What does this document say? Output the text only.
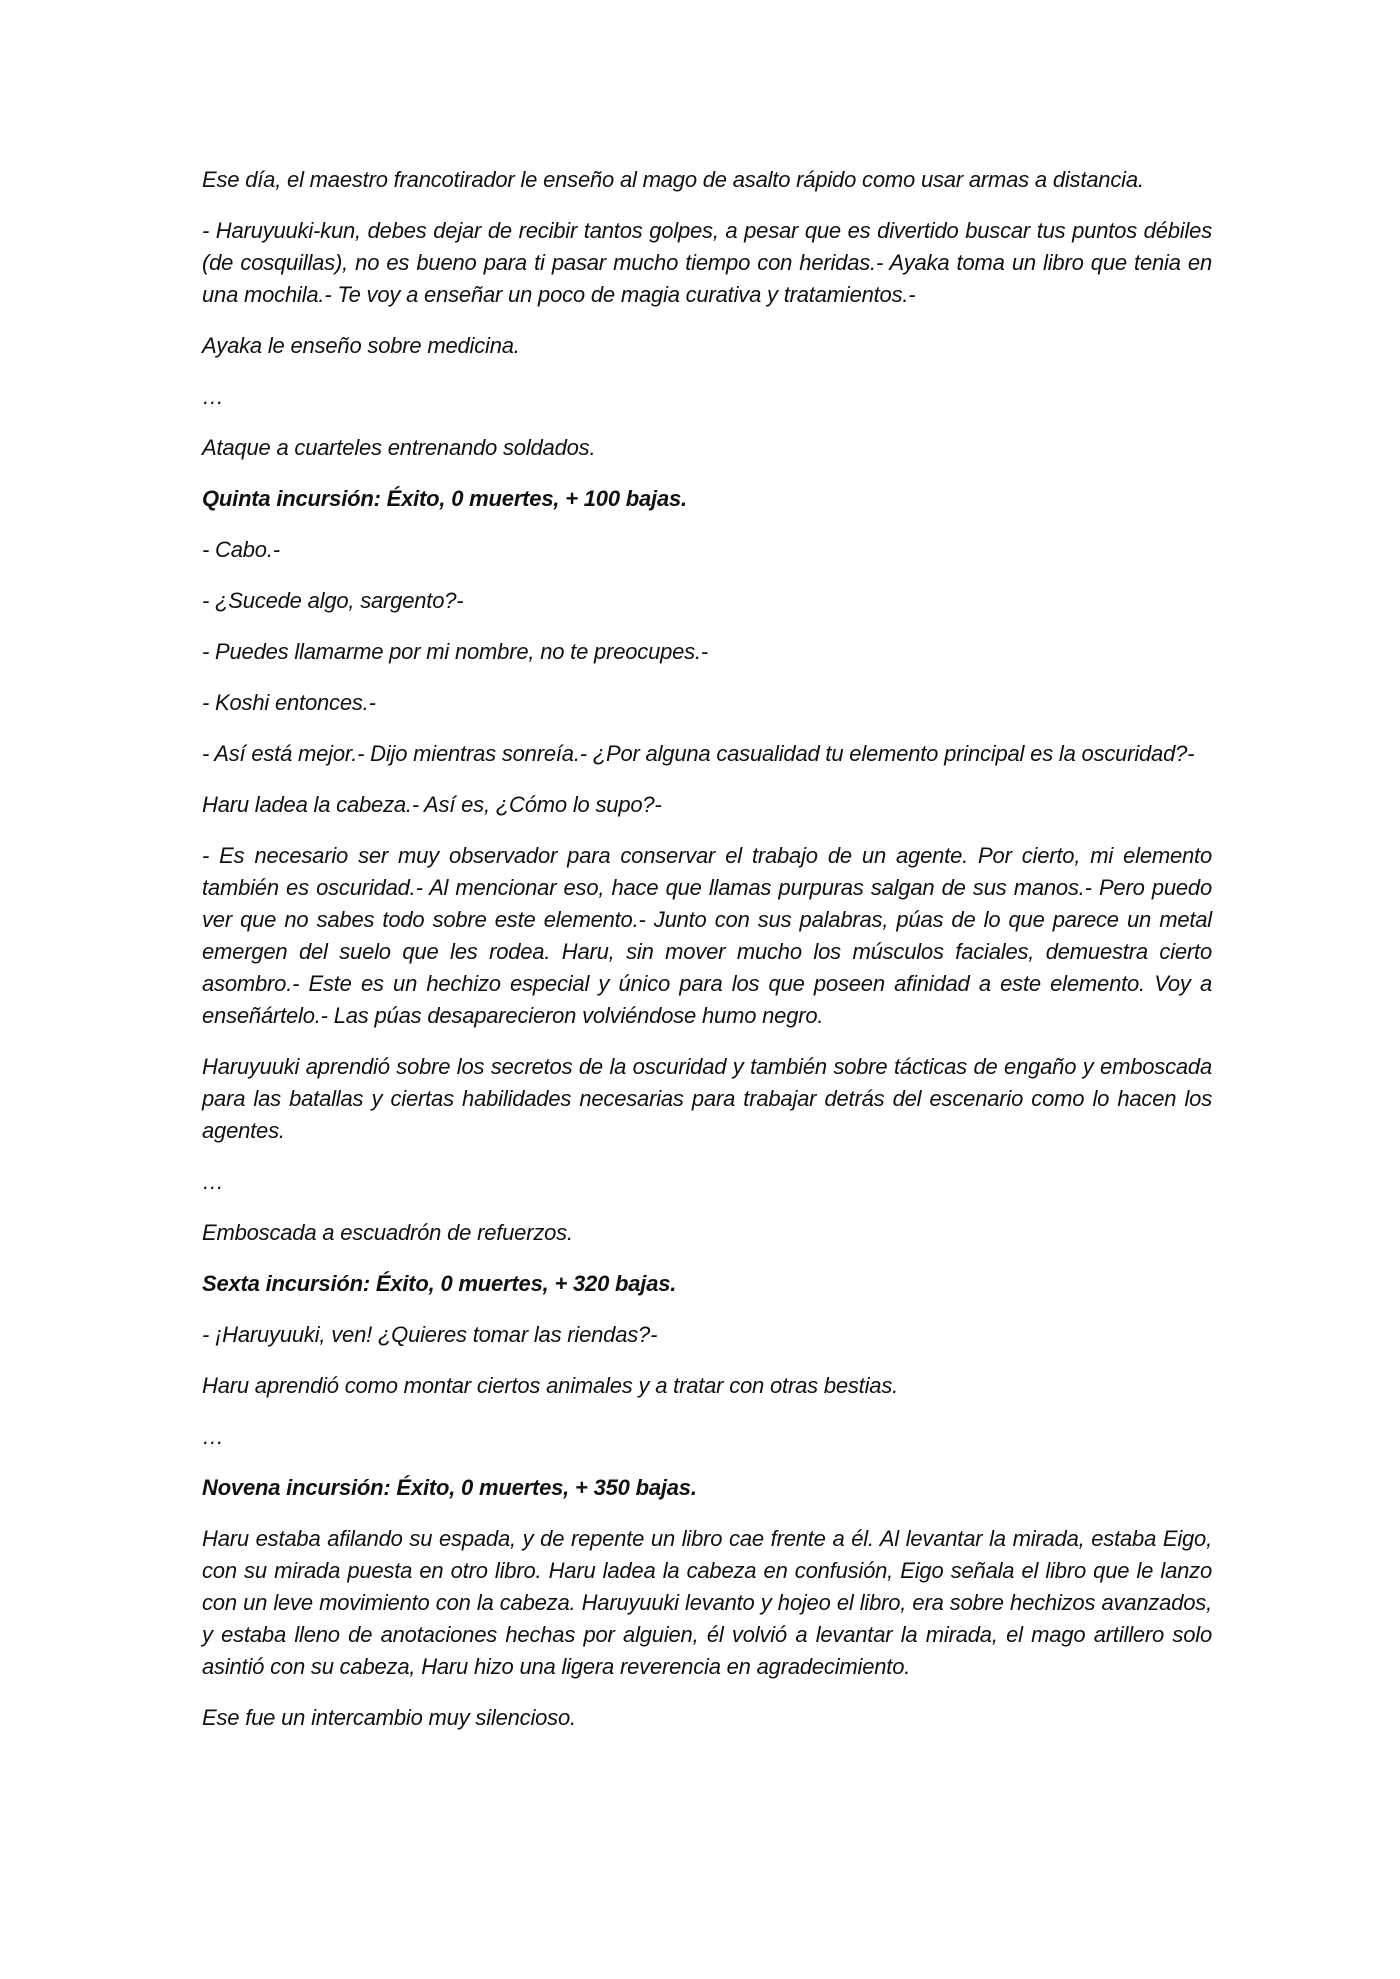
Ese día, el maestro francotirador le enseño al mago de asalto rápido como usar armas a distancia.

- Haruyuuki-kun, debes dejar de recibir tantos golpes, a pesar que es divertido buscar tus puntos débiles (de cosquillas), no es bueno para ti pasar mucho tiempo con heridas.- Ayaka toma un libro que tenia en una mochila.- Te voy a enseñar un poco de magia curativa y tratamientos.-

Ayaka le enseño sobre medicina.

…

Ataque a cuarteles entrenando soldados.

Quinta incursión: Éxito, 0 muertes, + 100 bajas.

- Cabo.-

- ¿Sucede algo, sargento?-

- Puedes llamarme por mi nombre, no te preocupes.-

- Koshi entonces.-

- Así está mejor.- Dijo mientras sonreía.- ¿Por alguna casualidad tu elemento principal es la oscuridad?-

Haru ladea la cabeza.- Así es, ¿Cómo lo supo?-

- Es necesario ser muy observador para conservar el trabajo de un agente. Por cierto, mi elemento también es oscuridad.- Al mencionar eso, hace que llamas purpuras salgan de sus manos.- Pero puedo ver que no sabes todo sobre este elemento.- Junto con sus palabras, púas de lo que parece un metal emergen del suelo que les rodea. Haru, sin mover mucho los músculos faciales, demuestra cierto asombro.- Este es un hechizo especial y único para los que poseen afinidad a este elemento. Voy a enseñártelo.- Las púas desaparecieron volviéndose humo negro.

Haruyuuki aprendió sobre los secretos de la oscuridad y también sobre tácticas de engaño y emboscada para las batallas y ciertas habilidades necesarias para trabajar detrás del escenario como lo hacen los agentes.

…

Emboscada a escuadrón de refuerzos.

Sexta incursión: Éxito, 0 muertes, + 320 bajas.

- ¡Haruyuuki, ven! ¿Quieres tomar las riendas?-

Haru aprendió como montar ciertos animales y a tratar con otras bestias.

…

Novena incursión: Éxito, 0 muertes, + 350 bajas.

Haru estaba afilando su espada, y de repente un libro cae frente a él. Al levantar la mirada, estaba Eigo, con su mirada puesta en otro libro. Haru ladea la cabeza en confusión, Eigo señala el libro que le lanzo con un leve movimiento con la cabeza. Haruyuuki levanto y hojeo el libro, era sobre hechizos avanzados, y estaba lleno de anotaciones hechas por alguien, él volvió a levantar la mirada, el mago artillero solo asintió con su cabeza, Haru hizo una ligera reverencia en agradecimiento.

Ese fue un intercambio muy silencioso.
